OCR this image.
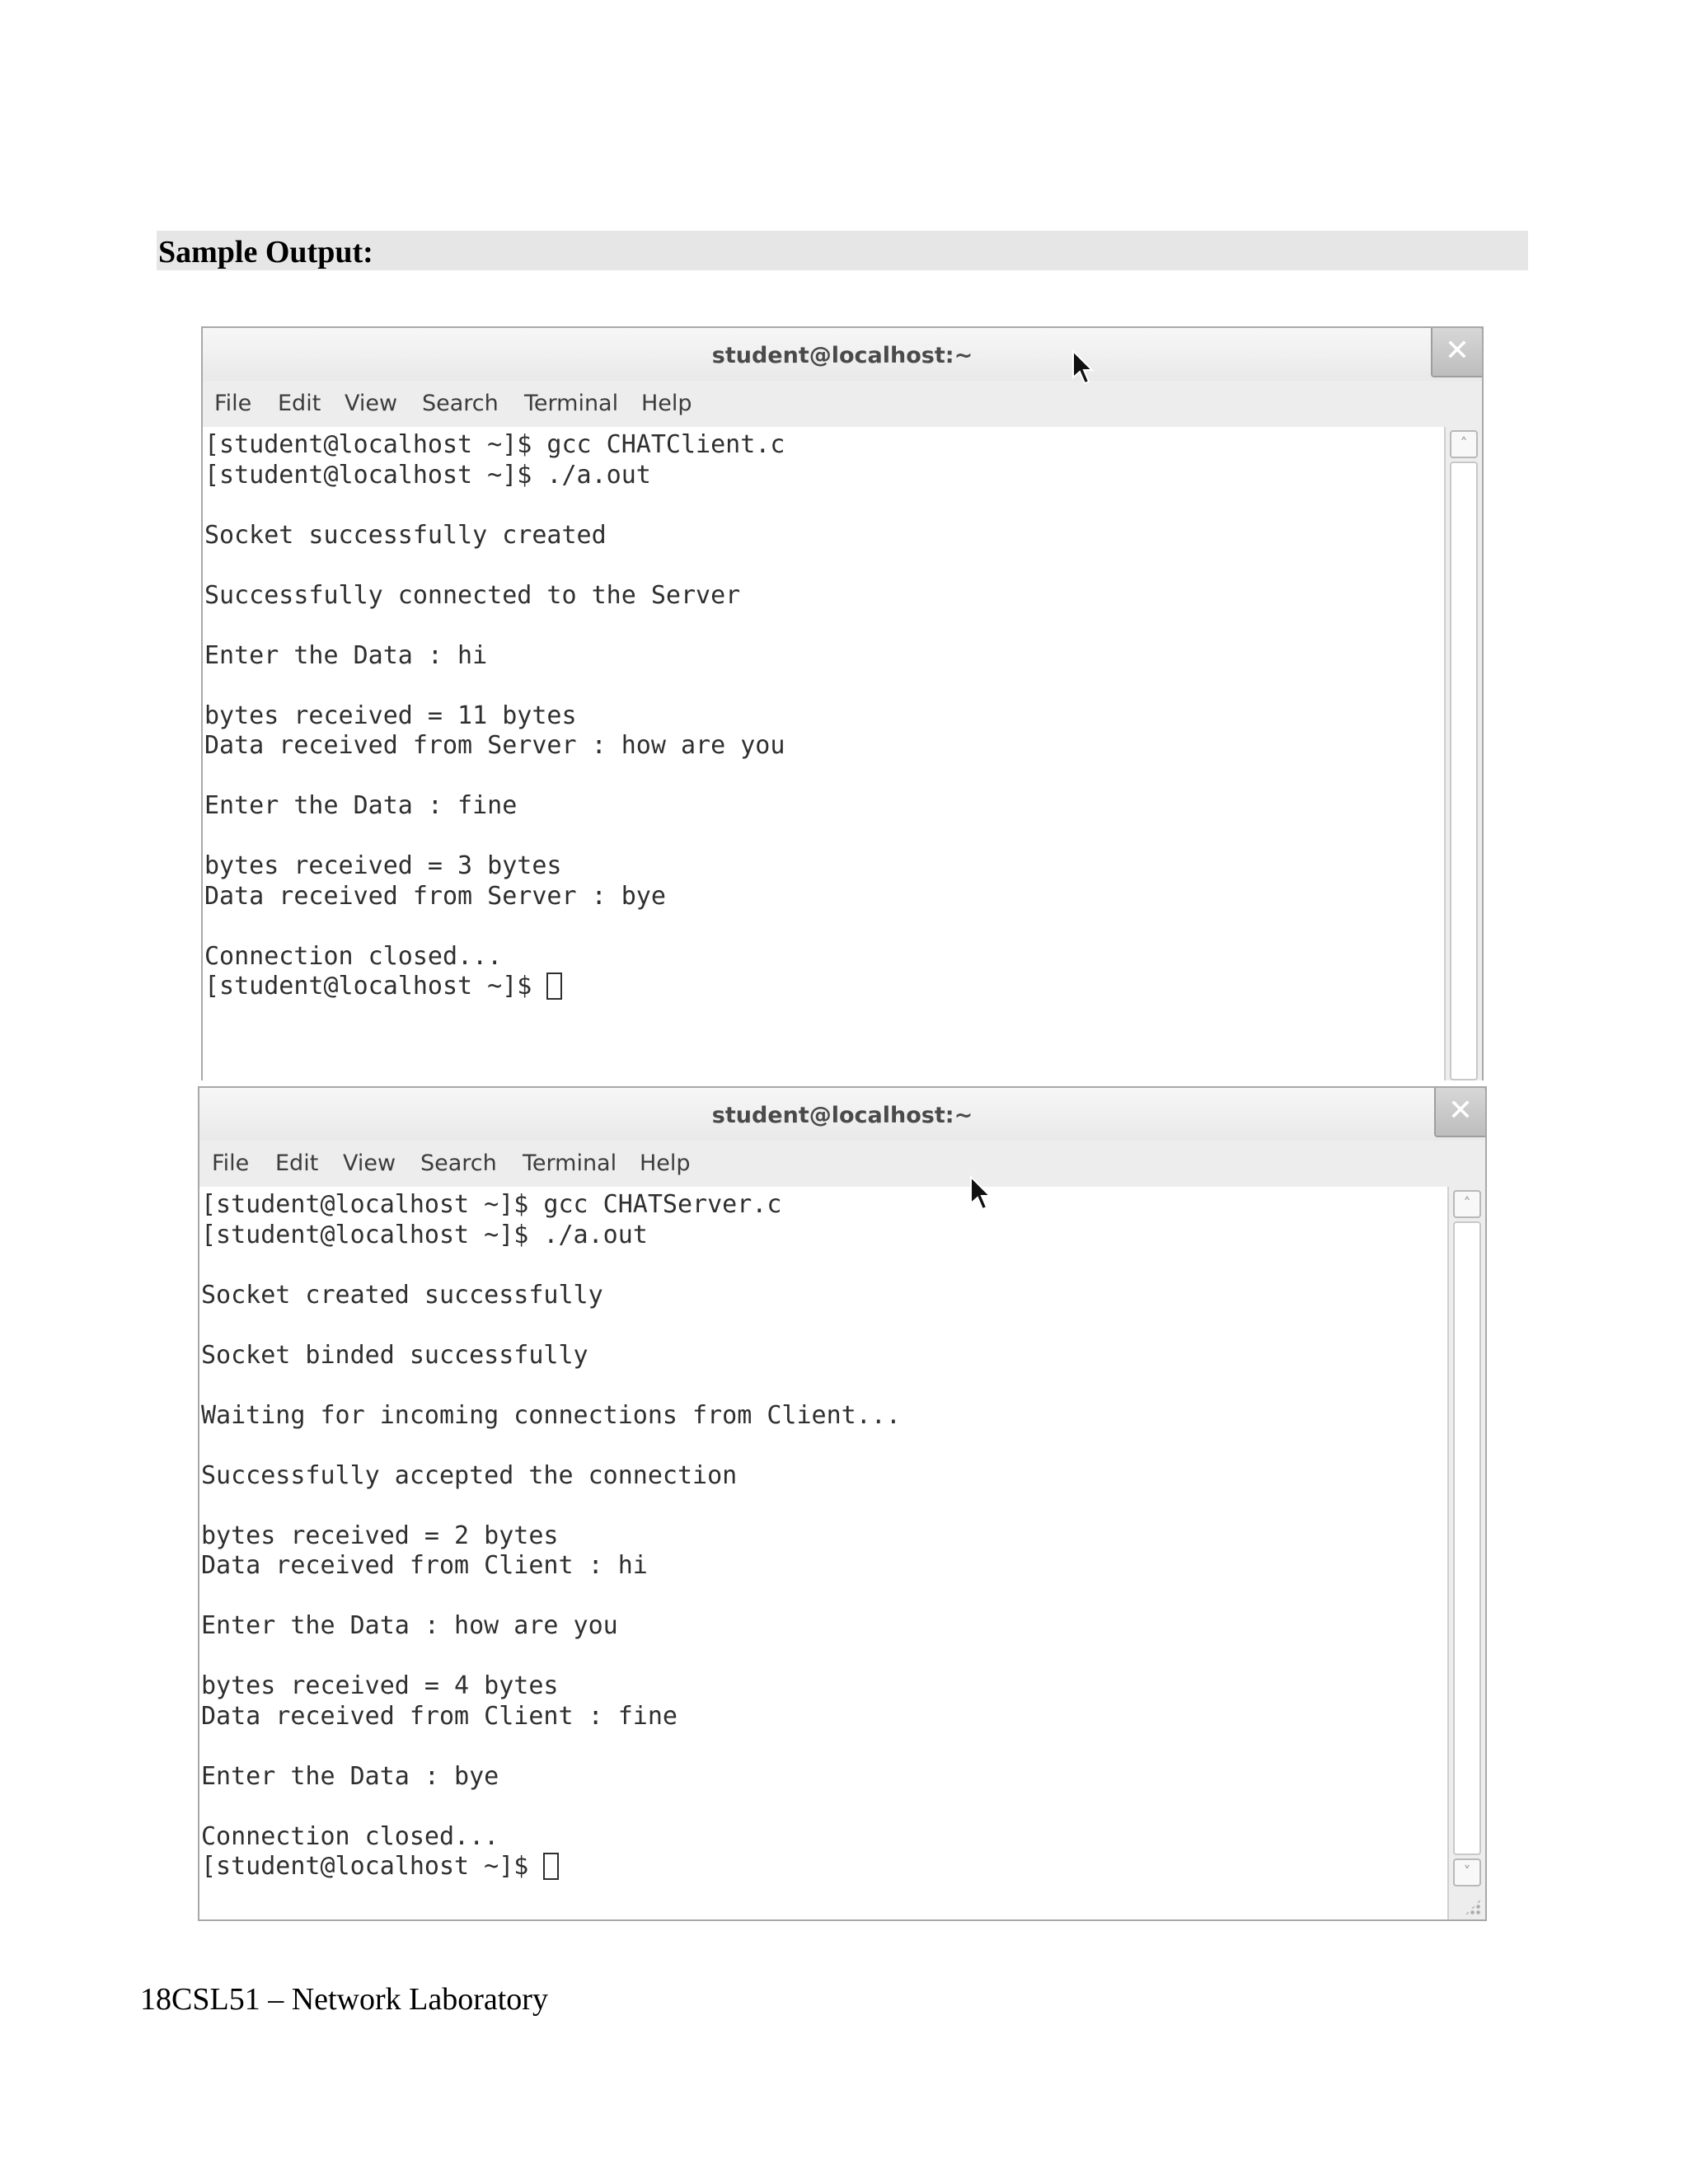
Sample Output:
student@localhost:~	✕
File Edit View Search Terminal Help
[student@localhost ~]$ gcc CHATClient.c
[student@localhost ~]$ ./a.out
Socket successfully created
Successfully connected to the Server
Enter the Data : hi
bytes received = 11 bytes
Data received from Server : how are you
Enter the Data : fine
bytes received = 3 bytes
Data received from Server : bye
Connection closed...
[student@localhost ~]$
˄
student@localhost:~	✕
File Edit View Search Terminal Help
[student@localhost ~]$ gcc CHATServer.c
[student@localhost ~]$ ./a.out
Socket created successfully
Socket binded successfully
Waiting for incoming connections from Client...
Successfully accepted the connection
bytes received = 2 bytes
Data received from Client : hi
Enter the Data : how are you
bytes received = 4 bytes
Data received from Client : fine
Enter the Data : bye
Connection closed...
[student@localhost ~]$
˄
˅
18CSL51 – Network Laboratory
